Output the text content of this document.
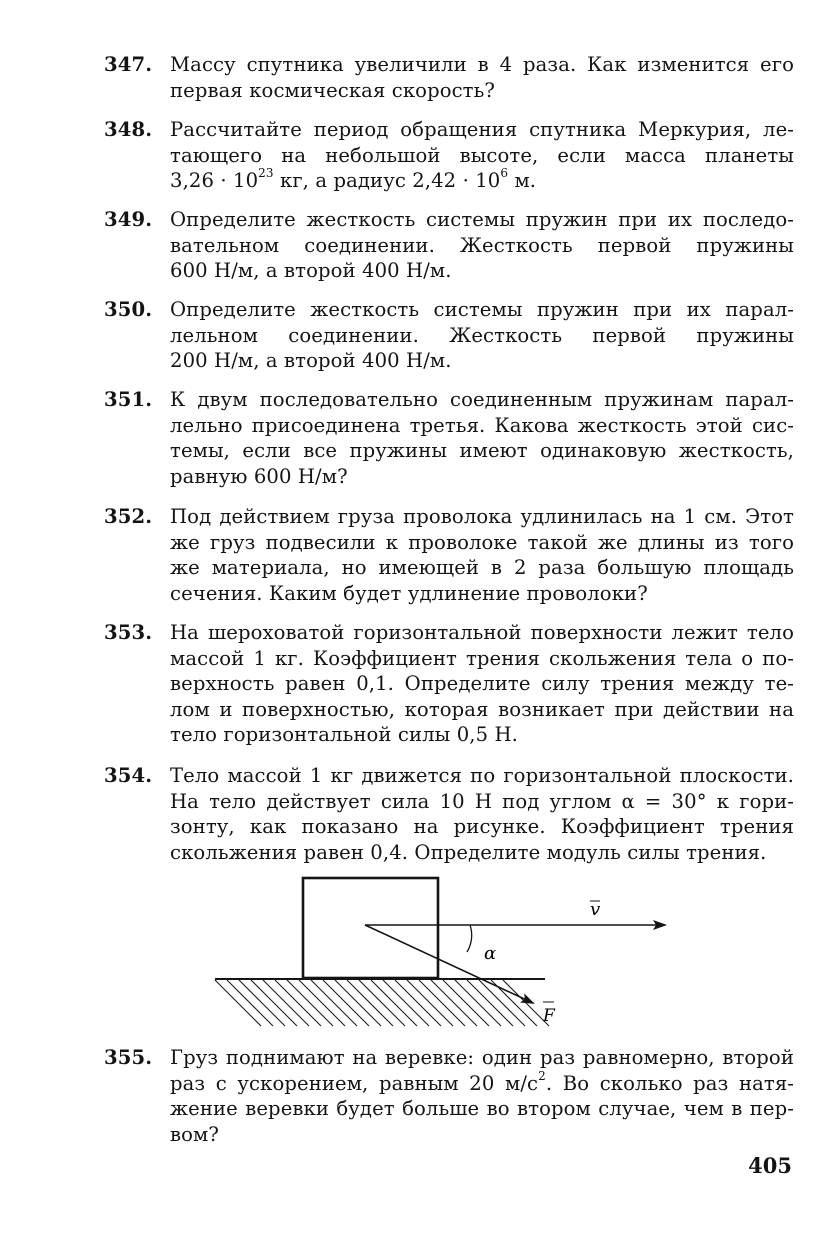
347. Массу спутника увеличили в 4 раза. Как изменится его
первая космическая скорость?
348. Рассчитайте период обращения спутника Меркурия, ле-
тающего на небольшой высоте, если масса планеты
$3,26 \cdot 10^{23}$ кг, а радиус $2,42 \cdot 10^6$ м.
349. Определите жесткость системы пружин при их последо-
вательном соединении. Жесткость первой пружины
600 Н/м, а второй 400 Н/м.
350. Определите жесткость системы пружин при их парал-
лельном соединении. Жесткость первой пружины
200 Н/м, а второй 400 Н/м.
351. К двум последовательно соединенным пружинам парал-
лельно присоединена третья. Какова жесткость этой сис-
темы, если все пружины имеют одинаковую жесткость,
равную 600 Н/м?
352. Под действием груза проволока удлинилась на 1 см. Этот
же груз подвесили к проволоке такой же длины из того
же материала, но имеющей в 2 раза большую площадь
сечения. Каким будет удлинение проволоки?
353. На шероховатой горизонтальной поверхности лежит тело
массой 1 кг. Коэффициент трения скольжения тела о по-
верхность равен 0,1. Определите силу трения между те-
лом и поверхностью, которая возникает при действии на
тело горизонтальной силы 0,5 Н.
354. Тело массой 1 кг движется по горизонтальной плоскости.
На тело действует сила 10 Н под углом α = 30° к гори-
зонту, как показано на рисунке. Коэффициент трения
скольжения равен 0,4. Определите модуль силы трения.
v
α
F
355. Груз поднимают на веревке: один раз равномерно, второй
раз с ускорением, равным 20 $м/с^2$. Во сколько раз натя-
жение веревки будет больше во втором случае, чем в пер-
вом?
405
